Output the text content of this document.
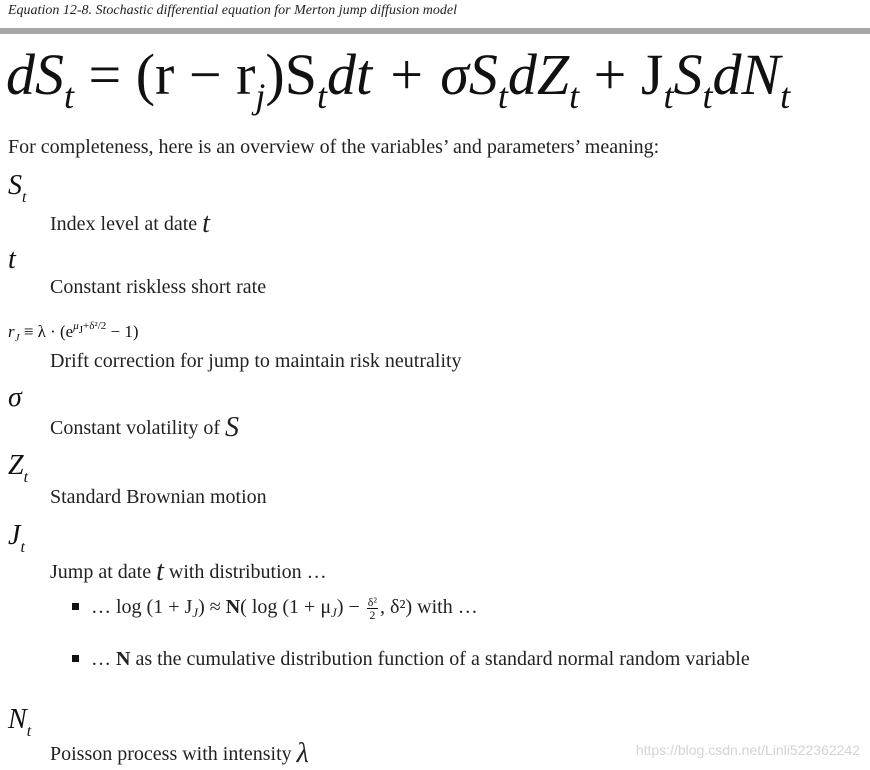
Equation 12-8. Stochastic differential equation for Merton jump diffusion model
$dS_t = (r - r_j)S_tdt + \sigma S_tdZ_t + J_tS_tdN_t$
For completeness, here is an overview of the variables’ and parameters’ meaning:
$S_t$
Index level at date t
t
Constant riskless short rate
$r_J \equiv \lambda \cdot (e^{\mu_J+\delta^2/2} - 1)$
Drift correction for jump to maintain risk neutrality
σ
Constant volatility of S
$Z_t$
Standard Brownian motion
$J_t$
Jump at date t with distribution …
… $\log (1 + J_J) \approx N$( $\log (1 + \mu_J) - \frac{\text{δ²}}{2}$ , δ²) with …
… N as the cumulative distribution function of a standard normal random variable
$N_t$
Poisson process with intensity λ	https://blog.csdn.net/Linli522362242
